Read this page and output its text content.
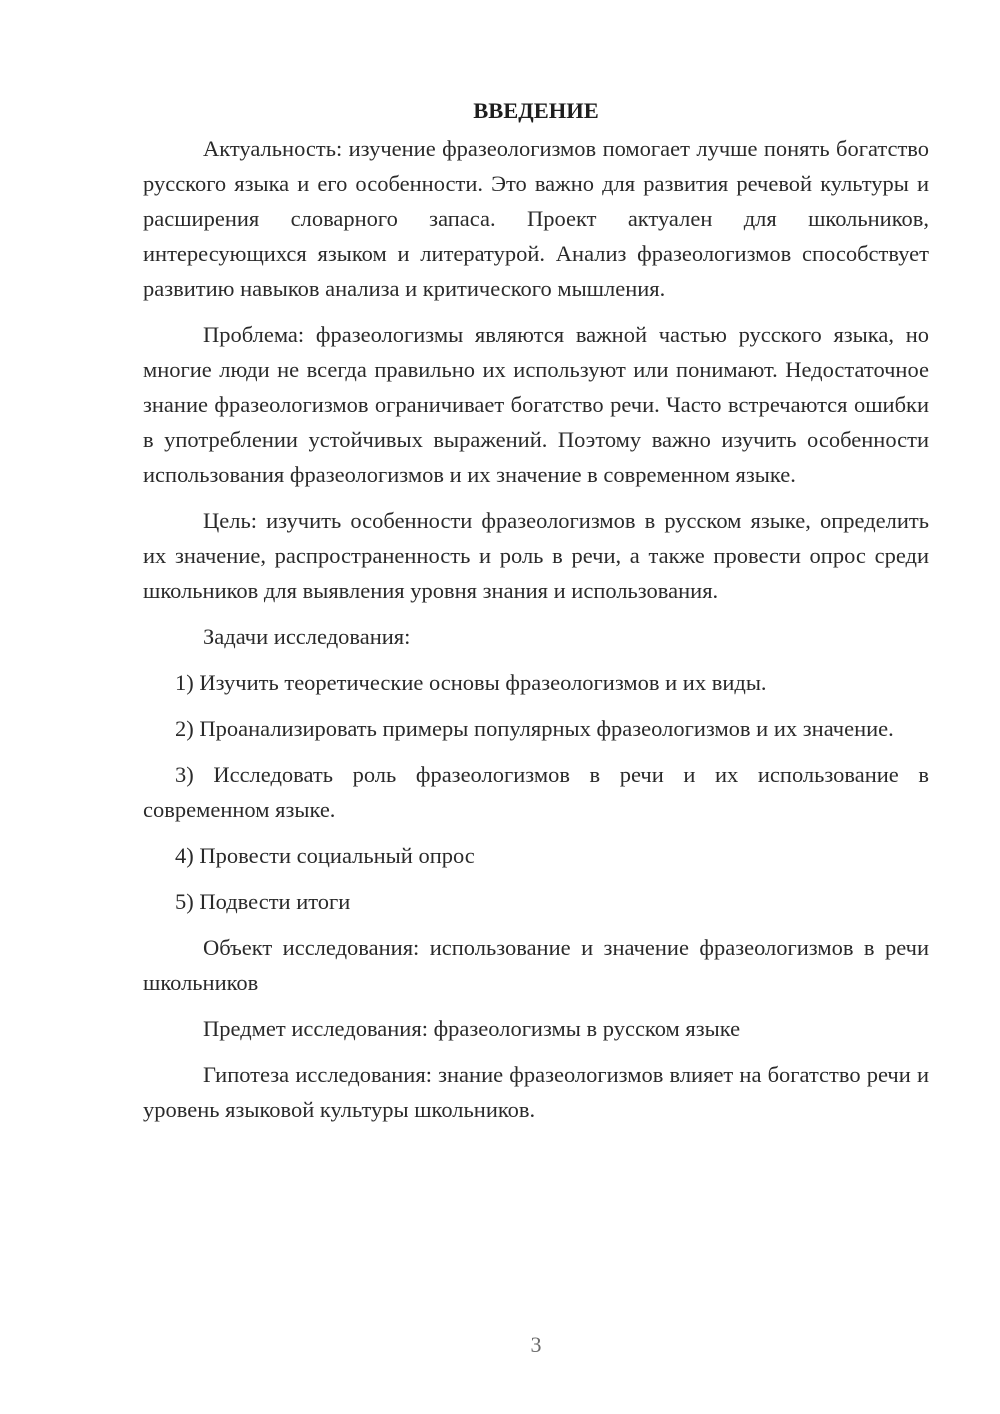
ВВЕДЕНИЕ

Актуальность: изучение фразеологизмов помогает лучше понять богатство русского языка и его особенности. Это важно для развития речевой культуры и расширения словарного запаса. Проект актуален для школьников, интересующихся языком и литературой. Анализ фразеологизмов способствует развитию навыков анализа и критического мышления.

Проблема: фразеологизмы являются важной частью русского языка, но многие люди не всегда правильно их используют или понимают. Недостаточное знание фразеологизмов ограничивает богатство речи. Часто встречаются ошибки в употреблении устойчивых выражений. Поэтому важно изучить особенности использования фразеологизмов и их значение в современном языке.

Цель: изучить особенности фразеологизмов в русском языке, определить их значение, распространенность и роль в речи, а также провести опрос среди школьников для выявления уровня знания и использования.

Задачи исследования:

1) Изучить теоретические основы фразеологизмов и их виды.

2) Проанализировать примеры популярных фразеологизмов и их значение.

3) Исследовать роль фразеологизмов в речи и их использование в современном языке.

4) Провести социальный опрос

5) Подвести итоги

Объект исследования: использование и значение фразеологизмов в речи школьников

Предмет исследования: фразеологизмы в русском языке

Гипотеза исследования: знание фразеологизмов влияет на богатство речи и уровень языковой культуры школьников.

3
